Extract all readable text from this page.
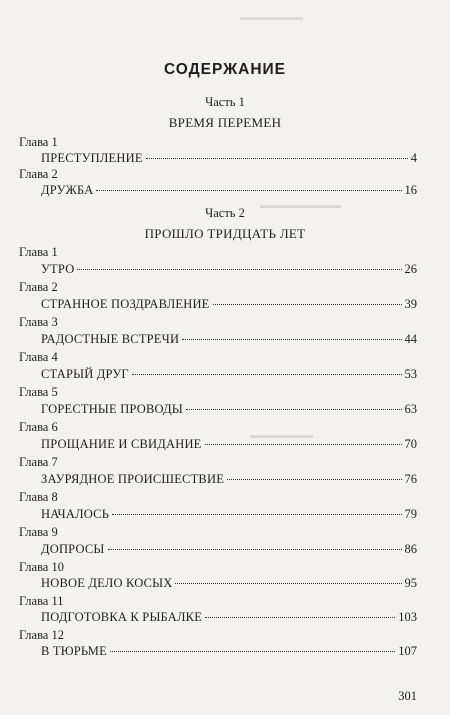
▬▬▬▬▬▬▬
▬▬▬▬▬▬▬▬▬
▬▬▬▬▬▬▬
СОДЕРЖАНИЕ
Часть 1
ВРЕМЯ ПЕРЕМЕН
Глава 1
ПРЕСТУПЛЕНИЕ	4
Глава 2
ДРУЖБА	16
Часть 2
ПРОШЛО ТРИДЦАТЬ ЛЕТ
Глава 1
УТРО	26
Глава 2
СТРАННОЕ ПОЗДРАВЛЕНИЕ	39
Глава 3
РАДОСТНЫЕ ВСТРЕЧИ	44
Глава 4
СТАРЫЙ ДРУГ	53
Глава 5
ГОРЕСТНЫЕ ПРОВОДЫ	63
Глава 6
ПРОЩАНИЕ И СВИДАНИЕ	70
Глава 7
ЗАУРЯДНОЕ ПРОИСШЕСТВИЕ	76
Глава 8
НАЧАЛОСЬ	79
Глава 9
ДОПРОСЫ	86
Глава 10
НОВОЕ ДЕЛО КОСЫХ	95
Глава 11
ПОДГОТОВКА К РЫБАЛКЕ	103
Глава 12
В ТЮРЬМЕ	107
301
